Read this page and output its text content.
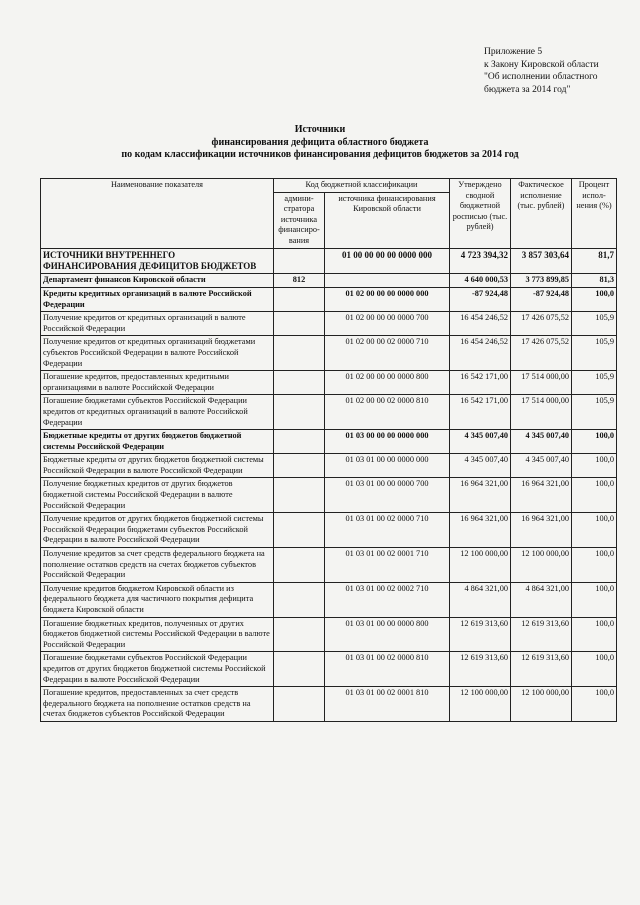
Приложение 5
к Закону Кировской области
"Об исполнении областного
бюджета за 2014 год"
Источники
финансирования дефицита областного бюджета
по кодам классификации источников финансирования дефицитов бюджетов за 2014 год
Наименование показателя	Код бюджетной классификации		Утверждено сводной бюджетной росписью (тыс. рублей)	Фактическое исполнение (тыс. рублей)	Процент испол-нения (%)
	админи-стратора источника финансиро-вания	источника финансирования Кировской области			
ИСТОЧНИКИ ВНУТРЕННЕГО ФИНАНСИРОВАНИЯ ДЕФИЦИТОВ БЮДЖЕТОВ		01 00 00 00 00 0000 000	4 723 394,32	3 857 303,64	81,7
Департамент финансов Кировской области	812		4 640 000,53	3 773 899,85	81,3
Кредиты кредитных организаций в валюте Российской Федерации		01 02 00 00 00 0000 000	-87 924,48	-87 924,48	100,0
Получение кредитов от кредитных организаций в валюте Российской Федерации		01 02 00 00 00 0000 700	16 454 246,52	17 426 075,52	105,9
Получение кредитов от кредитных организаций бюджетами субъектов Российской Федерации в валюте Российской Федерации		01 02 00 00 02 0000 710	16 454 246,52	17 426 075,52	105,9
Погашение кредитов, предоставленных кредитными организациями в валюте Российской Федерации		01 02 00 00 00 0000 800	16 542 171,00	17 514 000,00	105,9
Погашение бюджетами субъектов Российской Федерации кредитов от кредитных организаций в валюте Российской Федерации		01 02 00 00 02 0000 810	16 542 171,00	17 514 000,00	105,9
Бюджетные кредиты от других бюджетов бюджетной системы Российской Федерации		01 03 00 00 00 0000 000	4 345 007,40	4 345 007,40	100,0
Бюджетные кредиты от других бюджетов бюджетной системы Российской Федерации в валюте Российской Федерации		01 03 01 00 00 0000 000	4 345 007,40	4 345 007,40	100,0
Получение бюджетных кредитов от других бюджетов бюджетной системы Российской Федерации в валюте Российской Федерации		01 03 01 00 00 0000 700	16 964 321,00	16 964 321,00	100,0
Получение кредитов от других бюджетов бюджетной системы Российской Федерации бюджетами субъектов Российской Федерации в валюте Российской Федерации		01 03 01 00 02 0000 710	16 964 321,00	16 964 321,00	100,0
Получение кредитов за счет средств федерального бюджета на пополнение остатков средств на счетах бюджетов субъектов Российской Федерации		01 03 01 00 02 0001 710	12 100 000,00	12 100 000,00	100,0
Получение кредитов бюджетом Кировской области из федерального бюджета для частичного покрытия дефицита бюджета Кировской области		01 03 01 00 02 0002 710	4 864 321,00	4 864 321,00	100,0
Погашение бюджетных кредитов, полученных от других бюджетов бюджетной системы Российской Федерации в валюте Российской Федерации		01 03 01 00 00 0000 800	12 619 313,60	12 619 313,60	100,0
Погашение бюджетами субъектов Российской Федерации кредитов от других бюджетов бюджетной системы Российской Федерации в валюте Российской Федерации		01 03 01 00 02 0000 810	12 619 313,60	12 619 313,60	100,0
Погашение кредитов, предоставленных за счет средств федерального бюджета на пополнение остатков средств на счетах бюджетов субъектов Российской Федерации		01 03 01 00 02 0001 810	12 100 000,00	12 100 000,00	100,0
